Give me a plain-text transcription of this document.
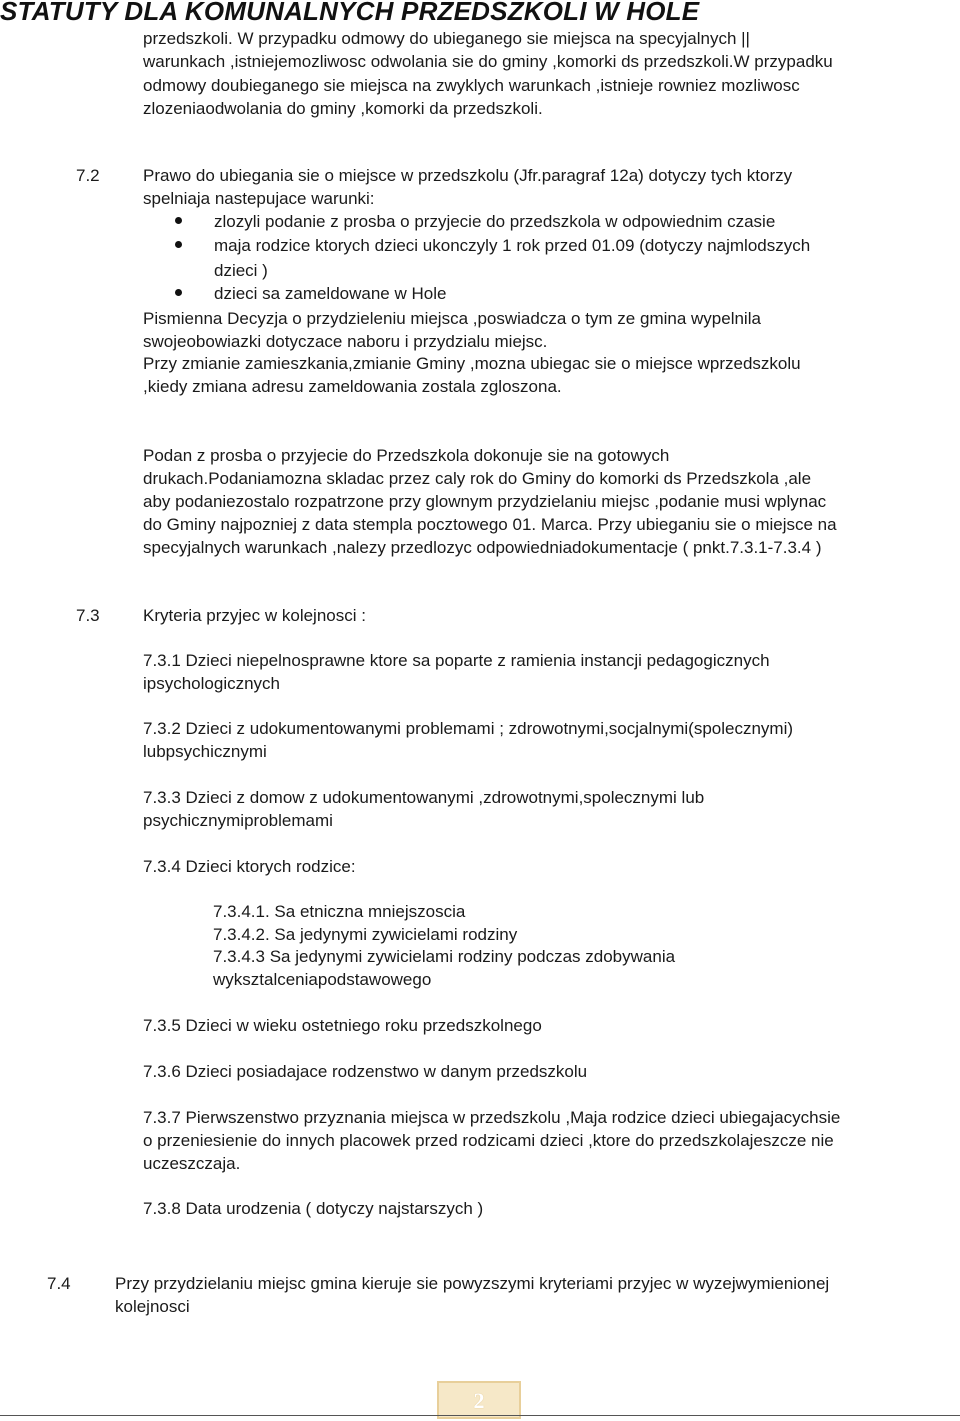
STATUTY DLA KOMUNALNYCH PRZEDSZKOLI W HOLE
przedszkoli. W przypadku odmowy do ubieganego sie miejsca na specyjalnych ||
warunkach ,istniejemozliwosc odwolania sie do gminy ,komorki ds przedszkoli.W przypadku
odmowy doubieganego sie miejsca na zwyklych warunkach ,istnieje rowniez mozliwosc
zlozeniaodwolania do gminy ,komorki da przedszkoli.
7.2	Prawo do ubiegania sie o miejsce w przedszkolu (Jfr.paragraf 12a) dotyczy tych ktorzy
spelniaja nastepujace warunki:
zlozyli podanie z prosba o przyjecie do przedszkola w odpowiednim czasie
maja rodzice ktorych dzieci ukonczyly 1 rok przed 01.09 (dotyczy najmlodszych
dzieci )
dzieci sa zameldowane w Hole
Pismienna Decyzja o przydzieleniu miejsca ,poswiadcza o tym ze gmina wypelnila
swojeobowiazki dotyczace naboru i przydzialu miejsc.
Przy zmianie zamieszkania,zmianie Gminy ,mozna ubiegac sie o miejsce wprzedszkolu
,kiedy zmiana adresu zameldowania zostala zgloszona.
Podan z prosba o przyjecie do Przedszkola dokonuje sie na gotowych
drukach.Podaniamozna skladac przez caly rok do Gminy do komorki ds Przedszkola ,ale
aby podaniezostalo rozpatrzone przy glownym przydzielaniu miejsc ,podanie musi wplynac
do Gminy najpozniej z data stempla pocztowego 01. Marca. Przy ubieganiu sie o miejsce na
specyjalnych warunkach ,nalezy przedlozyc odpowiedniadokumentacje ( pnkt.7.3.1-7.3.4 )
7.3	Kryteria przyjec w kolejnosci :
7.3.1 Dzieci niepelnosprawne ktore sa poparte z ramienia instancji pedagogicznych
ipsychologicznych
7.3.2 Dzieci z udokumentowanymi problemami ; zdrowotnymi,socjalnymi(spolecznymi)
lubpsychicznymi
7.3.3 Dzieci z domow z udokumentowanymi ,zdrowotnymi,spolecznymi lub
psychicznymiproblemami
7.3.4 Dzieci ktorych rodzice:
7.3.4.1. Sa etniczna mniejszoscia
7.3.4.2. Sa jedynymi zywicielami rodziny
7.3.4.3 Sa jedynymi zywicielami rodziny podczas zdobywania
wyksztalceniapodstawowego
7.3.5 Dzieci w wieku ostetniego roku przedszkolnego
7.3.6 Dzieci posiadajace rodzenstwo w danym przedszkolu
7.3.7 Pierwszenstwo przyznania miejsca w przedszkolu ,Maja rodzice dzieci ubiegajacychsie
o przeniesienie do innych placowek przed rodzicami dzieci ,ktore do przedszkolajeszcze nie
uczeszczaja.
7.3.8 Data urodzenia ( dotyczy najstarszych )
7.4	Przy przydzielaniu miejsc gmina kieruje sie powyzszymi kryteriami przyjec w wyzejwymienionej
kolejnosci
2
